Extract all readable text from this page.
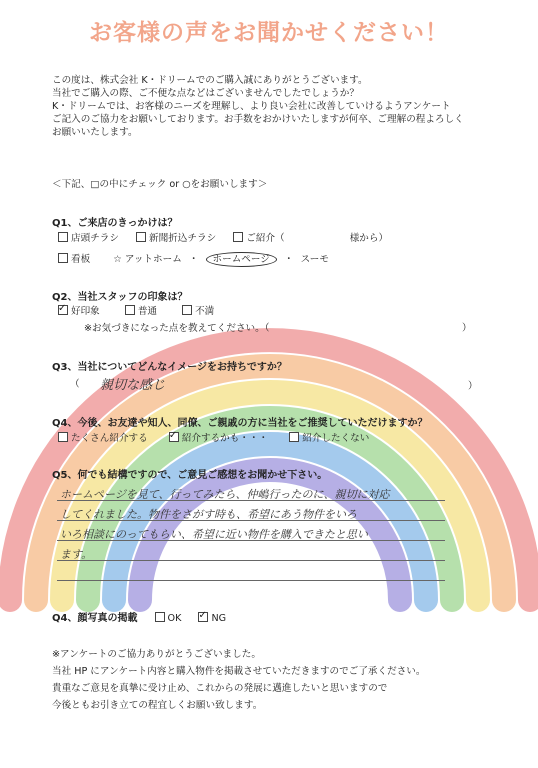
お客様の声をお聞かせください！
この度は、株式会社 K・ドリームでのご購入誠にありがとうございます。
当社でご購入の際、ご不便な点などはございませんでしたでしょうか？
K・ドリームでは、お客様のニーズを理解し、より良い会社に改善していけるようアンケート
ご記入のご協力をお願いしております。お手数をおかけいたしますが何卒、ご理解の程よろしく
お願いいたします。
＜下記、□の中にチェック or ○をお願いします＞
Q1、ご来店のきっかけは？
店頭チラシ	新聞折込チラシ	ご紹介（	様から）
看板 ☆ アットホーム ・ ホームページ ・ スーモ
Q2、当社スタッフの印象は？
✓好印象	普通	不満
※お気づきになった点を教えてください。（	）
Q3、当社についてどんなイメージをお持ちですか？
（ 親切な感じ	）
Q4、今後、お友達や知人、同僚、ご親戚の方に当社をご推奨していただけますか？
たくさん紹介する ✓	紹介するかも・・・	紹介したくない
Q5、何でも結構ですので、ご意見ご感想をお聞かせ下さい。
ホームページを見て、行ってみたら、仲嶋行ったのに、親切に対応
してくれました。物件をさがす時も、希望にあう物件をいろ
いろ相談にのってもらい、希望に近い物件を購入できたと思い
ます。
Q4、顔写真の掲載	OK ✓	NG
※アンケートのご協力ありがとうございました。
当社 HP にアンケート内容と購入物件を掲載させていただきますのでご了承ください。
貴重なご意見を真摯に受け止め、これからの発展に邁進したいと思いますので
今後ともお引き立ての程宜しくお願い致します。
